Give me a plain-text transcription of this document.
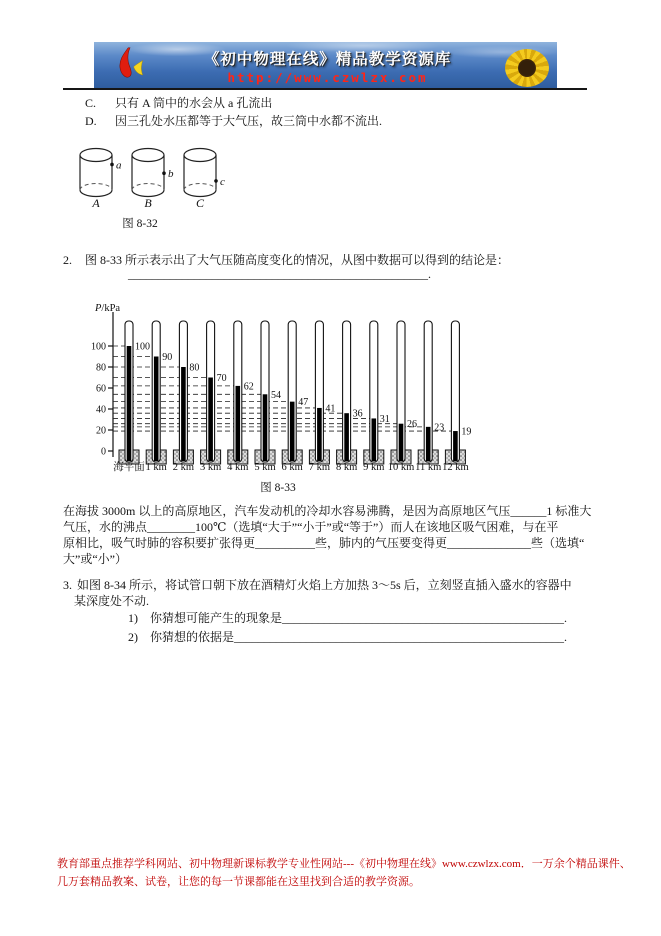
《初中物理在线》精品教学资源库
http://www.czwlzx.com
C. 只有 A 筒中的水会从 a 孔流出
D. 因三孔处水压都等于大气压，故三筒中水都不流出.
a
A
b
B
c
C
图 8-32
2. 图 8-33 所示表示出了大气压随高度变化的情况，从图中数据可以得到的结论是：
__________________________________________________.
P/kPa
0
20
40
60
80
100	100
海平面
90
1 km
80
2 km
70
3 km
62
4 km
54
5 km
47
6 km
41
7 km
36
8 km
31
9 km
26
10 km
23
11 km
19
12 km
图 8-33
在海拔 3000m 以上的高原地区，汽车发动机的冷却水容易沸腾，是因为高原地区气压______1 标准大
气压，水的沸点________100℃（选填“大于”“小于”或“等于”）而人在该地区吸气困难，与在平
原相比，吸气时肺的容积要扩张得更__________些，肺内的气压要变得更______________些（选填“
大”或“小”）
3. 如图 8-34 所示，将试管口朝下放在酒精灯火焰上方加热 3～5s 后，立刻竖直插入盛水的容器中
某深度处不动.
1) 你猜想可能产生的现象是_______________________________________________.
2) 你猜想的依据是_______________________________________________________.
教育部重点推荐学科网站、初中物理新课标教学专业性网站---《初中物理在线》www.czwlzx.com．一万余个精品课件、
几万套精品教案、试卷，让您的每一节课都能在这里找到合适的教学资源。
